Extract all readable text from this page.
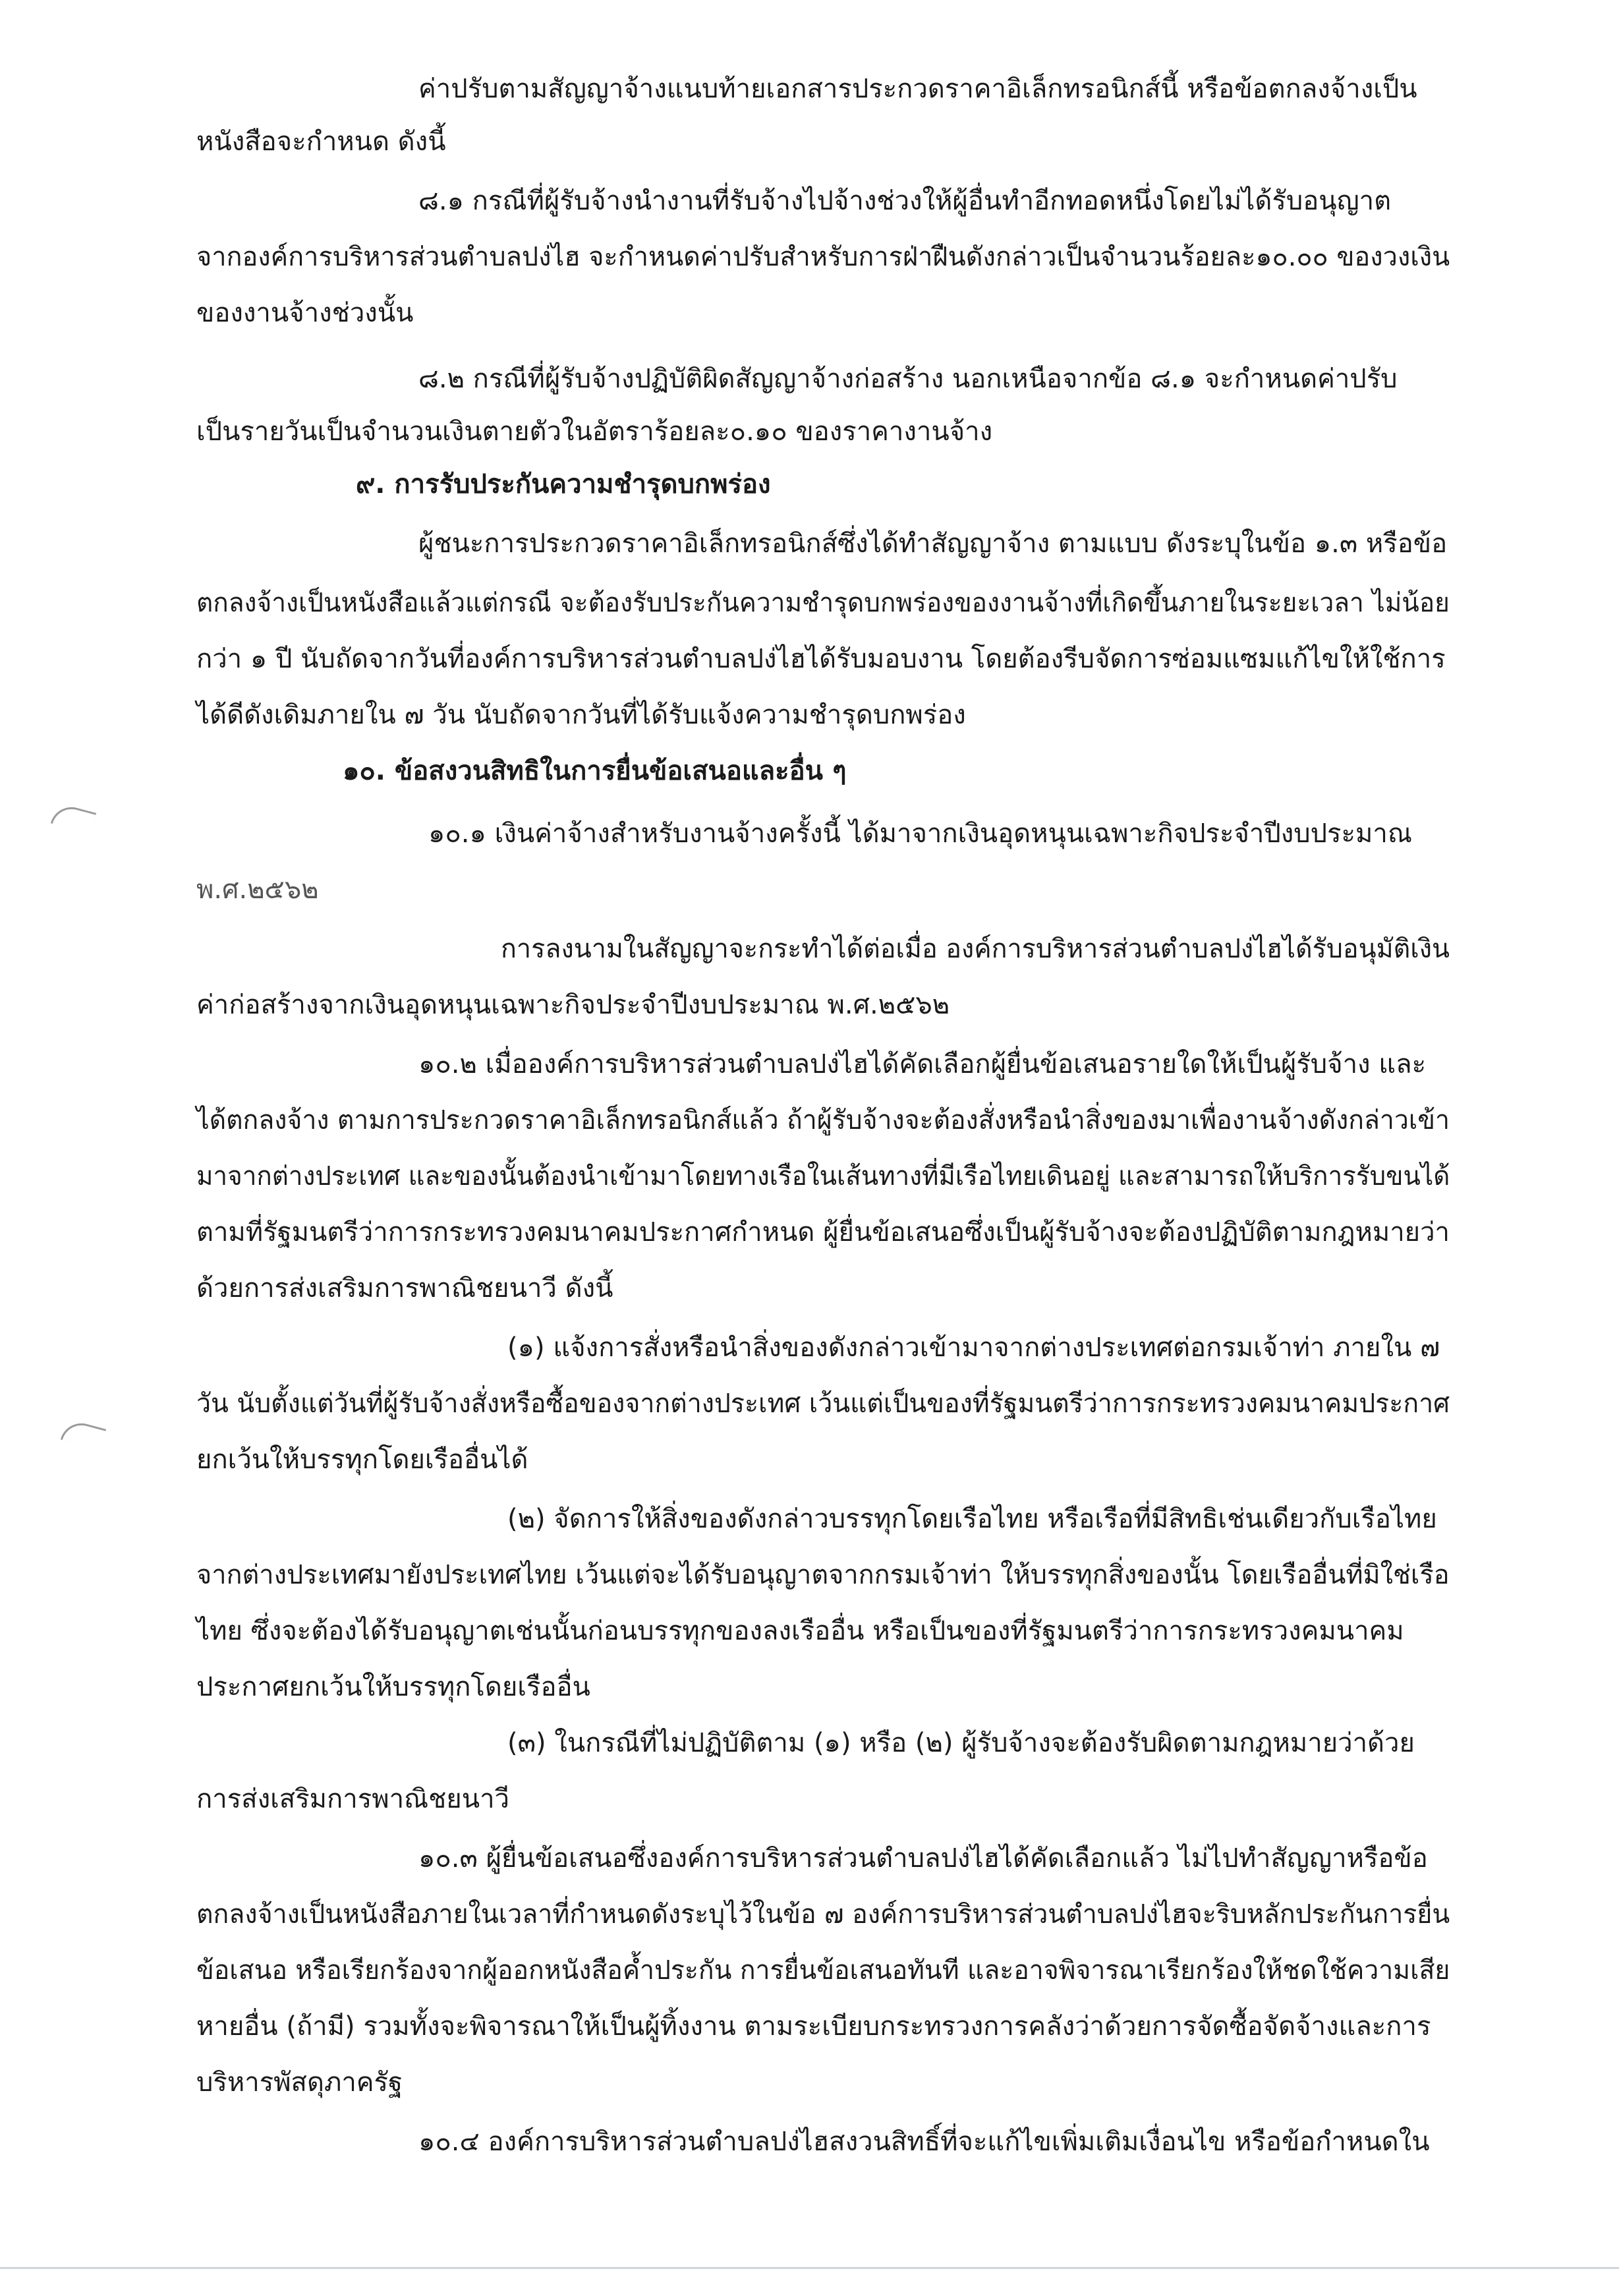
ค่าปรับตามสัญญาจ้างแนบท้ายเอกสารประกวดราคาอิเล็กทรอนิกส์นี้ หรือข้อตกลงจ้างเป็น
หนังสือจะกำหนด ดังนี้
๘.๑ กรณีที่ผู้รับจ้างนำงานที่รับจ้างไปจ้างช่วงให้ผู้อื่นทำอีกทอดหนึ่งโดยไม่ได้รับอนุญาต
จากองค์การบริหารส่วนตำบลปง่ไฮ จะกำหนดค่าปรับสำหรับการฝ่าฝืนดังกล่าวเป็นจำนวนร้อยละ๑๐.๐๐ ของวงเงิน
ของงานจ้างช่วงนั้น
๘.๒ กรณีที่ผู้รับจ้างปฏิบัติผิดสัญญาจ้างก่อสร้าง นอกเหนือจากข้อ ๘.๑ จะกำหนดค่าปรับ
เป็นรายวันเป็นจำนวนเงินตายตัวในอัตราร้อยละ๐.๑๐ ของราคางานจ้าง
๙. การรับประกันความชำรุดบกพร่อง
ผู้ชนะการประกวดราคาอิเล็กทรอนิกส์ซึ่งได้ทำสัญญาจ้าง ตามแบบ ดังระบุในข้อ ๑.๓ หรือข้อ
ตกลงจ้างเป็นหนังสือแล้วแต่กรณี จะต้องรับประกันความชำรุดบกพร่องของงานจ้างที่เกิดขึ้นภายในระยะเวลา ไม่น้อย
กว่า ๑ ปี นับถัดจากวันที่องค์การบริหารส่วนตำบลปง่ไฮได้รับมอบงาน โดยต้องรีบจัดการซ่อมแซมแก้ไขให้ใช้การ
ได้ดีดังเดิมภายใน ๗ วัน นับถัดจากวันที่ได้รับแจ้งความชำรุดบกพร่อง
๑๐. ข้อสงวนสิทธิในการยื่นข้อเสนอและอื่น ๆ
๑๐.๑ เงินค่าจ้างสำหรับงานจ้างครั้งนี้ ได้มาจากเงินอุดหนุนเฉพาะกิจประจำปีงบประมาณ
พ.ศ.๒๕๖๒
การลงนามในสัญญาจะกระทำได้ต่อเมื่อ องค์การบริหารส่วนตำบลปง่ไฮได้รับอนุมัติเงิน
ค่าก่อสร้างจากเงินอุดหนุนเฉพาะกิจประจำปีงบประมาณ พ.ศ.๒๕๖๒
๑๐.๒ เมื่อองค์การบริหารส่วนตำบลปง่ไฮได้คัดเลือกผู้ยื่นข้อเสนอรายใดให้เป็นผู้รับจ้าง และ
ได้ตกลงจ้าง ตามการประกวดราคาอิเล็กทรอนิกส์แล้ว ถ้าผู้รับจ้างจะต้องสั่งหรือนำสิ่งของมาเพื่องานจ้างดังกล่าวเข้า
มาจากต่างประเทศ และของนั้นต้องนำเข้ามาโดยทางเรือในเส้นทางที่มีเรือไทยเดินอยู่ และสามารถให้บริการรับขนได้
ตามที่รัฐมนตรีว่าการกระทรวงคมนาคมประกาศกำหนด ผู้ยื่นข้อเสนอซึ่งเป็นผู้รับจ้างจะต้องปฏิบัติตามกฎหมายว่า
ด้วยการส่งเสริมการพาณิชยนาวี ดังนี้
(๑) แจ้งการสั่งหรือนำสิ่งของดังกล่าวเข้ามาจากต่างประเทศต่อกรมเจ้าท่า ภายใน ๗
วัน นับตั้งแต่วันที่ผู้รับจ้างสั่งหรือซื้อของจากต่างประเทศ เว้นแต่เป็นของที่รัฐมนตรีว่าการกระทรวงคมนาคมประกาศ
ยกเว้นให้บรรทุกโดยเรืออื่นได้
(๒) จัดการให้สิ่งของดังกล่าวบรรทุกโดยเรือไทย หรือเรือที่มีสิทธิเช่นเดียวกับเรือไทย
จากต่างประเทศมายังประเทศไทย เว้นแต่จะได้รับอนุญาตจากกรมเจ้าท่า ให้บรรทุกสิ่งของนั้น โดยเรืออื่นที่มิใช่เรือ
ไทย ซึ่งจะต้องได้รับอนุญาตเช่นนั้นก่อนบรรทุกของลงเรืออื่น หรือเป็นของที่รัฐมนตรีว่าการกระทรวงคมนาคม
ประกาศยกเว้นให้บรรทุกโดยเรืออื่น
(๓) ในกรณีที่ไม่ปฏิบัติตาม (๑) หรือ (๒) ผู้รับจ้างจะต้องรับผิดตามกฎหมายว่าด้วย
การส่งเสริมการพาณิชยนาวี
๑๐.๓ ผู้ยื่นข้อเสนอซึ่งองค์การบริหารส่วนตำบลปง่ไฮได้คัดเลือกแล้ว ไม่ไปทำสัญญาหรือข้อ
ตกลงจ้างเป็นหนังสือภายในเวลาที่กำหนดดังระบุไว้ในข้อ ๗ องค์การบริหารส่วนตำบลปง่ไฮจะริบหลักประกันการยื่น
ข้อเสนอ หรือเรียกร้องจากผู้ออกหนังสือค้ำประกัน การยื่นข้อเสนอทันที และอาจพิจารณาเรียกร้องให้ชดใช้ความเสีย
หายอื่น (ถ้ามี) รวมทั้งจะพิจารณาให้เป็นผู้ทิ้งงาน ตามระเบียบกระทรวงการคลังว่าด้วยการจัดซื้อจัดจ้างและการ
บริหารพัสดุภาครัฐ
๑๐.๔ องค์การบริหารส่วนตำบลปง่ไฮสงวนสิทธิ์ที่จะแก้ไขเพิ่มเติมเงื่อนไข หรือข้อกำหนดใน
